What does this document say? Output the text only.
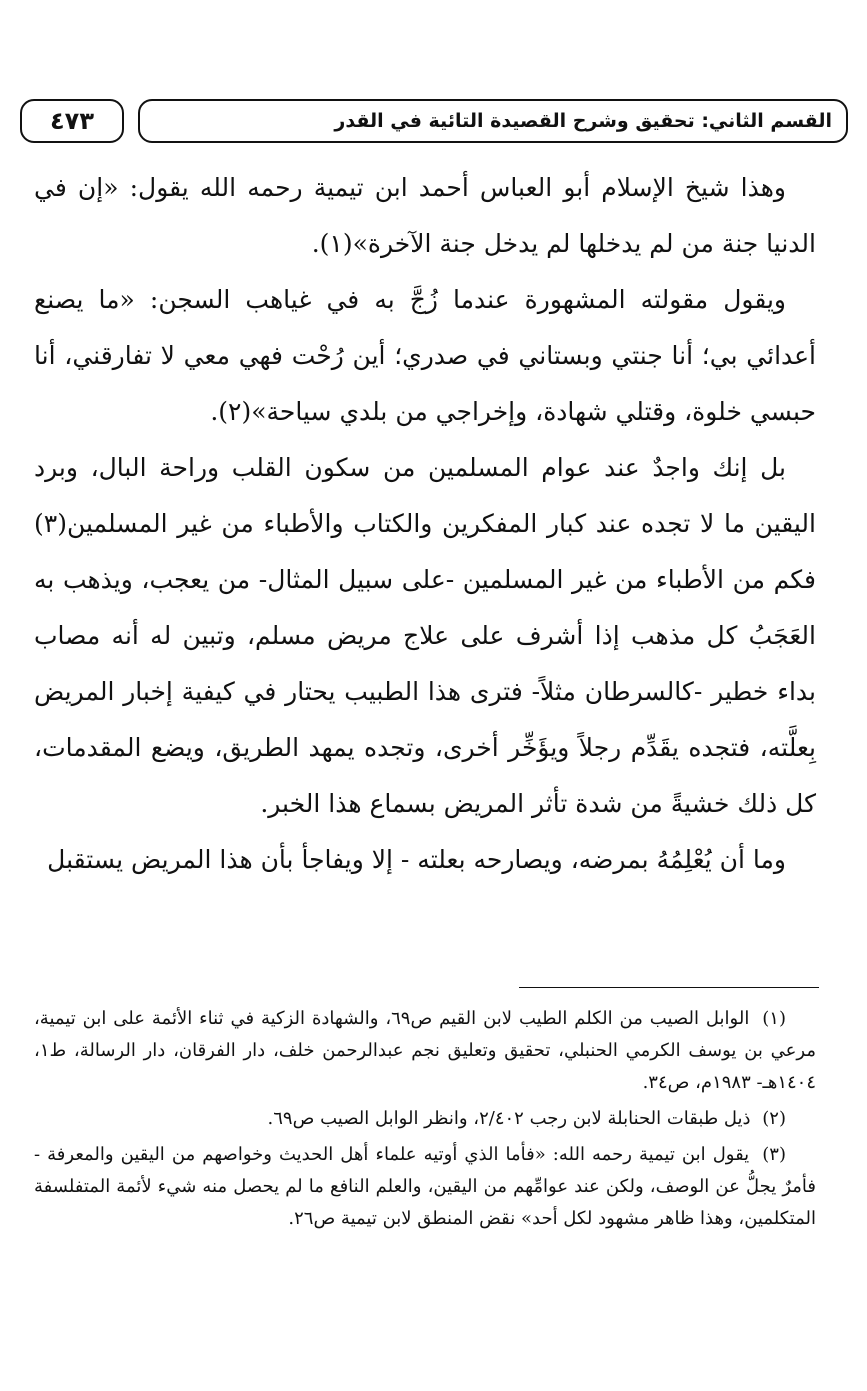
القسم الثاني: تحقيق وشرح القصيدة التائية في القدر
٤٧٣

وهذا شيخ الإسلام أبو العباس أحمد ابن تيمية رحمه الله يقول: «إن في الدنيا جنة من لم يدخلها لم يدخل جنة الآخرة»(١).

ويقول مقولته المشهورة عندما زُجَّ به في غياهب السجن: «ما يصنع أعدائي بي؛ أنا جنتي وبستاني في صدري؛ أين رُحْت فهي معي لا تفارقني، أنا حبسي خلوة، وقتلي شهادة، وإخراجي من بلدي سياحة»(٢).

بل إنك واجدٌ عند عوام المسلمين من سكون القلب وراحة البال، وبرد اليقين ما لا تجده عند كبار المفكرين والكتاب والأطباء من غير المسلمين(٣) فكم من الأطباء من غير المسلمين -على سبيل المثال- من يعجب، ويذهب به العَجَبُ كل مذهب إذا أشرف على علاج مريض مسلم، وتبين له أنه مصاب بداء خطير -كالسرطان مثلاً- فترى هذا الطبيب يحتار في كيفية إخبار المريض بِعلَّته، فتجده يقَدِّم رجلاً ويؤَخِّر أخرى، وتجده يمهد الطريق، ويضع المقدمات، كل ذلك خشيةً من شدة تأثر المريض بسماع هذا الخبر.

وما أن يُعْلِمُهُ بمرضه، ويصارحه بعلته - إلا ويفاجأ بأن هذا المريض يستقبل

(١) الوابل الصيب من الكلم الطيب لابن القيم ص٦٩، والشهادة الزكية في ثناء الأئمة على ابن تيمية، مرعي بن يوسف الكرمي الحنبلي، تحقيق وتعليق نجم عبدالرحمن خلف، دار الفرقان، دار الرسالة، ط١، ١٤٠٤هـ- ١٩٨٣م، ص٣٤.

(٢) ذيل طبقات الحنابلة لابن رجب ٢/٤٠٢، وانظر الوابل الصيب ص٦٩.

(٣) يقول ابن تيمية رحمه الله: «فأما الذي أوتيه علماء أهل الحديث وخواصهم من اليقين والمعرفة - فأمرٌ يجلُّ عن الوصف، ولكن عند عوامِّهم من اليقين، والعلم النافع ما لم يحصل منه شيء لأئمة المتفلسفة المتكلمين، وهذا ظاهر مشهود لكل أحد» نقض المنطق لابن تيمية ص٢٦.
